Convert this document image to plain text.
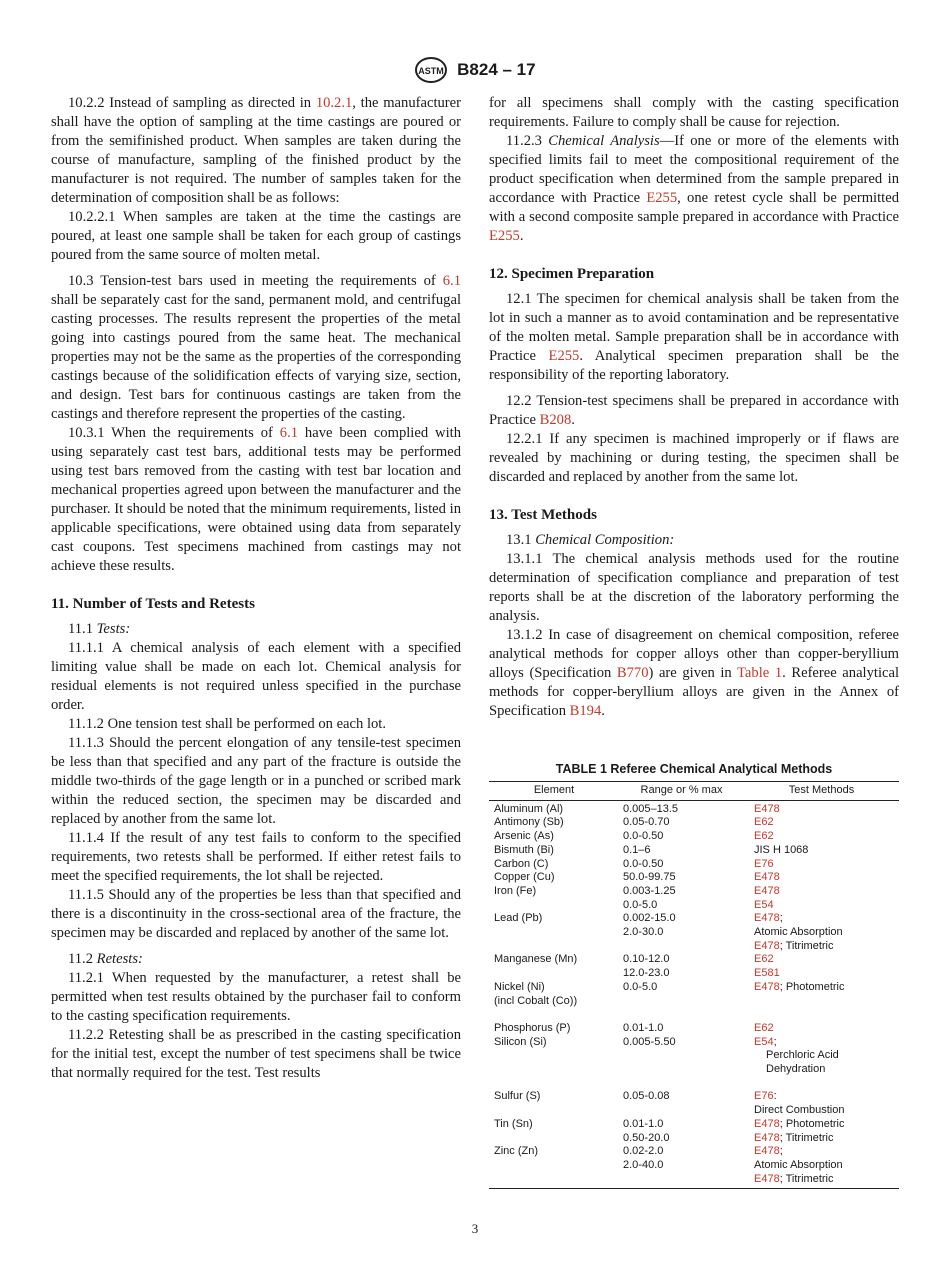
ASTM B824 – 17

10.2.2 Instead of sampling as directed in 10.2.1, the manufacturer shall have the option of sampling at the time castings are poured or from the semifinished product. When samples are taken during the course of manufacture, sampling of the finished product by the manufacturer is not required. The number of samples taken for the determination of composition shall be as follows:

10.2.2.1 When samples are taken at the time the castings are poured, at least one sample shall be taken for each group of castings poured from the same source of molten metal.

10.3 Tension-test bars used in meeting the requirements of 6.1 shall be separately cast for the sand, permanent mold, and centrifugal casting processes. The results represent the properties of the metal going into castings poured from the same heat. The mechanical properties may not be the same as the properties of the corresponding castings because of the solidification effects of varying size, section, and design. Test bars for continuous castings are taken from the castings and therefore represent the properties of the casting.

10.3.1 When the requirements of 6.1 have been complied with using separately cast test bars, additional tests may be performed using test bars removed from the casting with test bar location and mechanical properties agreed upon between the manufacturer and the purchaser. It should be noted that the minimum requirements, listed in applicable specifications, were obtained using data from separately cast coupons. Test specimens machined from castings may not achieve these results.

11. Number of Tests and Retests

11.1 Tests:

11.1.1 A chemical analysis of each element with a specified limiting value shall be made on each lot. Chemical analysis for residual elements is not required unless specified in the purchase order.

11.1.2 One tension test shall be performed on each lot.

11.1.3 Should the percent elongation of any tensile-test specimen be less than that specified and any part of the fracture is outside the middle two-thirds of the gage length or in a punched or scribed mark within the reduced section, the specimen may be discarded and replaced by another from the same lot.

11.1.4 If the result of any test fails to conform to the specified requirements, two retests shall be performed. If either retest fails to meet the specified requirements, the lot shall be rejected.

11.1.5 Should any of the properties be less than that specified and there is a discontinuity in the cross-sectional area of the fracture, the specimen may be discarded and replaced by another of the same lot.

11.2 Retests:

11.2.1 When requested by the manufacturer, a retest shall be permitted when test results obtained by the purchaser fail to conform to the casting specification requirements.

11.2.2 Retesting shall be as prescribed in the casting specification for the initial test, except the number of test specimens shall be twice that normally required for the test. Test results

for all specimens shall comply with the casting specification requirements. Failure to comply shall be cause for rejection.

11.2.3 Chemical Analysis—If one or more of the elements with specified limits fail to meet the compositional requirement of the product specification when determined from the sample prepared in accordance with Practice E255, one retest cycle shall be permitted with a second composite sample prepared in accordance with Practice E255.

12. Specimen Preparation

12.1 The specimen for chemical analysis shall be taken from the lot in such a manner as to avoid contamination and be representative of the molten metal. Sample preparation shall be in accordance with Practice E255. Analytical specimen preparation shall be the responsibility of the reporting laboratory.

12.2 Tension-test specimens shall be prepared in accordance with Practice B208.

12.2.1 If any specimen is machined improperly or if flaws are revealed by machining or during testing, the specimen shall be discarded and replaced by another from the same lot.

13. Test Methods

13.1 Chemical Composition:

13.1.1 The chemical analysis methods used for the routine determination of specification compliance and preparation of test reports shall be at the discretion of the laboratory performing the analysis.

13.1.2 In case of disagreement on chemical composition, referee analytical methods for copper alloys other than copper-beryllium alloys (Specification B770) are given in Table 1. Referee analytical methods for copper-beryllium alloys are given in the Annex of Specification B194.

TABLE 1 Referee Chemical Analytical Methods
Element	Range or % max	Test Methods
Aluminum (Al)	0.005–13.5	E478
Antimony (Sb)	0.05-0.70	E62
Arsenic (As)	0.0-0.50	E62
Bismuth (Bi)	0.1–6	JIS H 1068
Carbon (C)	0.0-0.50	E76
Copper (Cu)	50.0-99.75	E478
Iron (Fe)	0.003-1.25	E478
	0.0-5.0	E54
Lead (Pb)	0.002-15.0	E478;
	2.0-30.0	Atomic Absorption
		E478; Titrimetric
Manganese (Mn)	0.10-12.0	E62
	12.0-23.0	E581
Nickel (Ni)	0.0-5.0	E478; Photometric
(incl Cobalt (Co))		

Phosphorus (P)	0.01-1.0	E62
Silicon (Si)	0.005-5.50	E54;
		Perchloric Acid
		Dehydration

Sulfur (S)	0.05-0.08	E76:
		Direct Combustion
Tin (Sn)	0.01-1.0	E478; Photometric
	0.50-20.0	E478; Titrimetric
Zinc (Zn)	0.02-2.0	E478;
	2.0-40.0	Atomic Absorption
		E478; Titrimetric
3
